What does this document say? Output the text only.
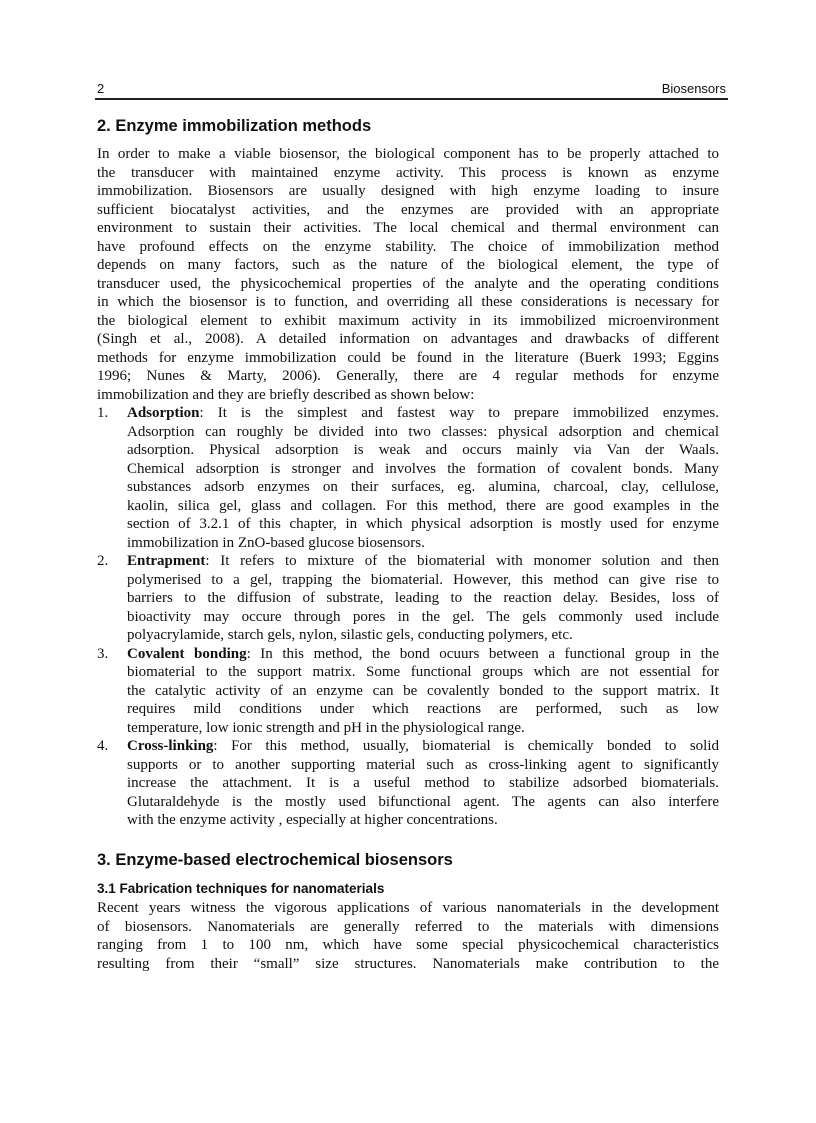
2	Biosensors
2. Enzyme immobilization methods
In order to make a viable biosensor, the biological component has to be properly attached to
the transducer with maintained enzyme activity. This process is known as enzyme
immobilization. Biosensors are usually designed with high enzyme loading to insure
sufficient biocatalyst activities, and the enzymes are provided with an appropriate
environment to sustain their activities. The local chemical and thermal environment can
have profound effects on the enzyme stability. The choice of immobilization method
depends on many factors, such as the nature of the biological element, the type of
transducer used, the physicochemical properties of the analyte and the operating conditions
in which the biosensor is to function, and overriding all these considerations is necessary for
the biological element to exhibit maximum activity in its immobilized microenvironment
(Singh et al., 2008). A detailed information on advantages and drawbacks of different
methods for enzyme immobilization could be found in the literature (Buerk 1993; Eggins
1996; Nunes & Marty, 2006). Generally, there are 4 regular methods for enzyme
immobilization and they are briefly described as shown below:
1. Adsorption: It is the simplest and fastest way to prepare immobilized enzymes.
Adsorption can roughly be divided into two classes: physical adsorption and chemical
adsorption. Physical adsorption is weak and occurs mainly via Van der Waals.
Chemical adsorption is stronger and involves the formation of covalent bonds. Many
substances adsorb enzymes on their surfaces, eg. alumina, charcoal, clay, cellulose,
kaolin, silica gel, glass and collagen. For this method, there are good examples in the
section of 3.2.1 of this chapter, in which physical adsorption is mostly used for enzyme
immobilization in ZnO-based glucose biosensors.
2. Entrapment: It refers to mixture of the biomaterial with monomer solution and then
polymerised to a gel, trapping the biomaterial. However, this method can give rise to
barriers to the diffusion of substrate, leading to the reaction delay. Besides, loss of
bioactivity may occure through pores in the gel. The gels commonly used include
polyacrylamide, starch gels, nylon, silastic gels, conducting polymers, etc.
3. Covalent bonding: In this method, the bond ocuurs between a functional group in the
biomaterial to the support matrix. Some functional groups which are not essential for
the catalytic activity of an enzyme can be covalently bonded to the support matrix. It
requires mild conditions under which reactions are performed, such as low
temperature, low ionic strength and pH in the physiological range.
4. Cross-linking: For this method, usually, biomaterial is chemically bonded to solid
supports or to another supporting material such as cross-linking agent to significantly
increase the attachment. It is a useful method to stabilize adsorbed biomaterials.
Glutaraldehyde is the mostly used bifunctional agent. The agents can also interfere
with the enzyme activity , especially at higher concentrations.
3. Enzyme-based electrochemical biosensors
3.1 Fabrication techniques for nanomaterials
Recent years witness the vigorous applications of various nanomaterials in the development
of biosensors. Nanomaterials are generally referred to the materials with dimensions
ranging from 1 to 100 nm, which have some special physicochemical characteristics
resulting from their “small” size structures. Nanomaterials make contribution to the
